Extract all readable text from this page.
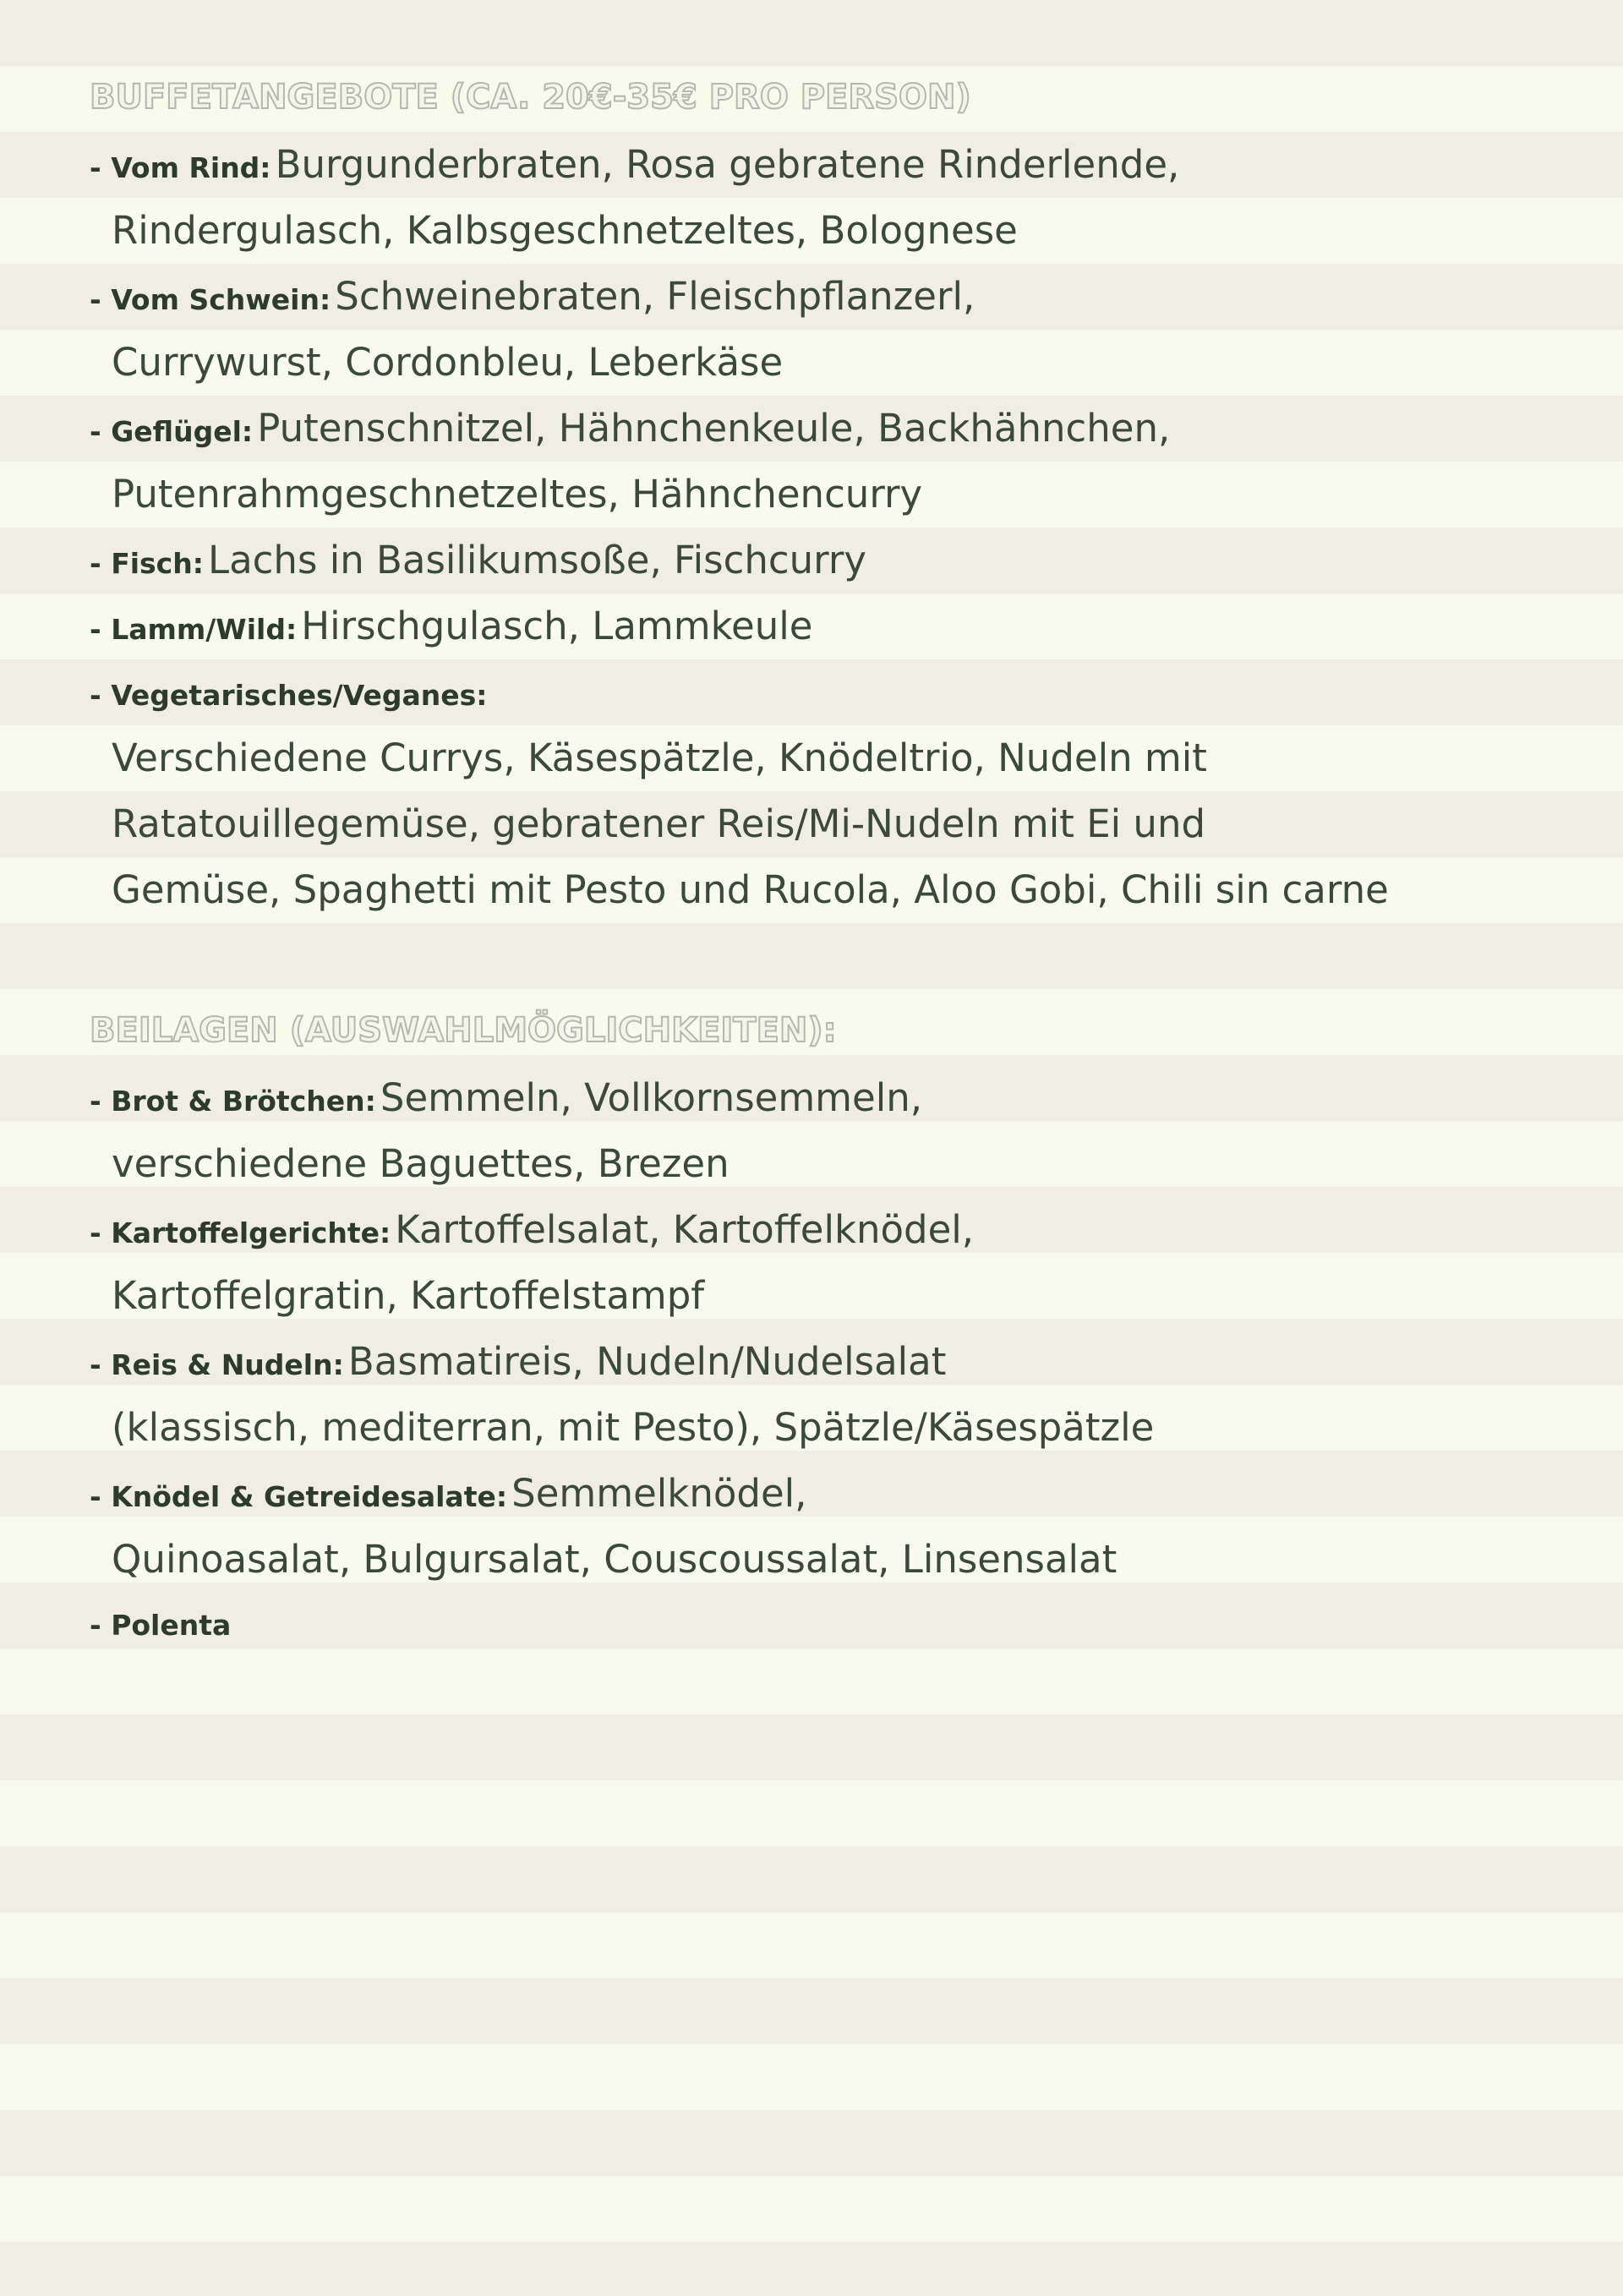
BUFFETANGEBOTE (CA. 20€-35€ PRO PERSON)
- Vom Rind: Burgunderbraten, Rosa gebratene Rinderlende,
Rindergulasch, Kalbsgeschnetzeltes, Bolognese
- Vom Schwein: Schweinebraten, Fleischpflanzerl,
Currywurst, Cordonbleu, Leberkäse
- Geflügel: Putenschnitzel, Hähnchenkeule, Backhähnchen,
Putenrahmgeschnetzeltes, Hähnchencurry
- Fisch: Lachs in Basilikumsoße, Fischcurry
- Lamm/Wild: Hirschgulasch, Lammkeule
- Vegetarisches/Veganes:
Verschiedene Currys, Käsespätzle, Knödeltrio, Nudeln mit
Ratatouillegemüse, gebratener Reis/Mi-Nudeln mit Ei und
Gemüse, Spaghetti mit Pesto und Rucola, Aloo Gobi, Chili sin carne
BEILAGEN (AUSWAHLMÖGLICHKEITEN):
- Brot & Brötchen: Semmeln, Vollkornsemmeln,
verschiedene Baguettes, Brezen
- Kartoffelgerichte: Kartoffelsalat, Kartoffelknödel,
Kartoffelgratin, Kartoffelstampf
- Reis & Nudeln: Basmatireis, Nudeln/Nudelsalat
(klassisch, mediterran, mit Pesto), Spätzle/Käsespätzle
- Knödel & Getreidesalate: Semmelknödel,
Quinoasalat, Bulgursalat, Couscoussalat, Linsensalat
- Polenta
